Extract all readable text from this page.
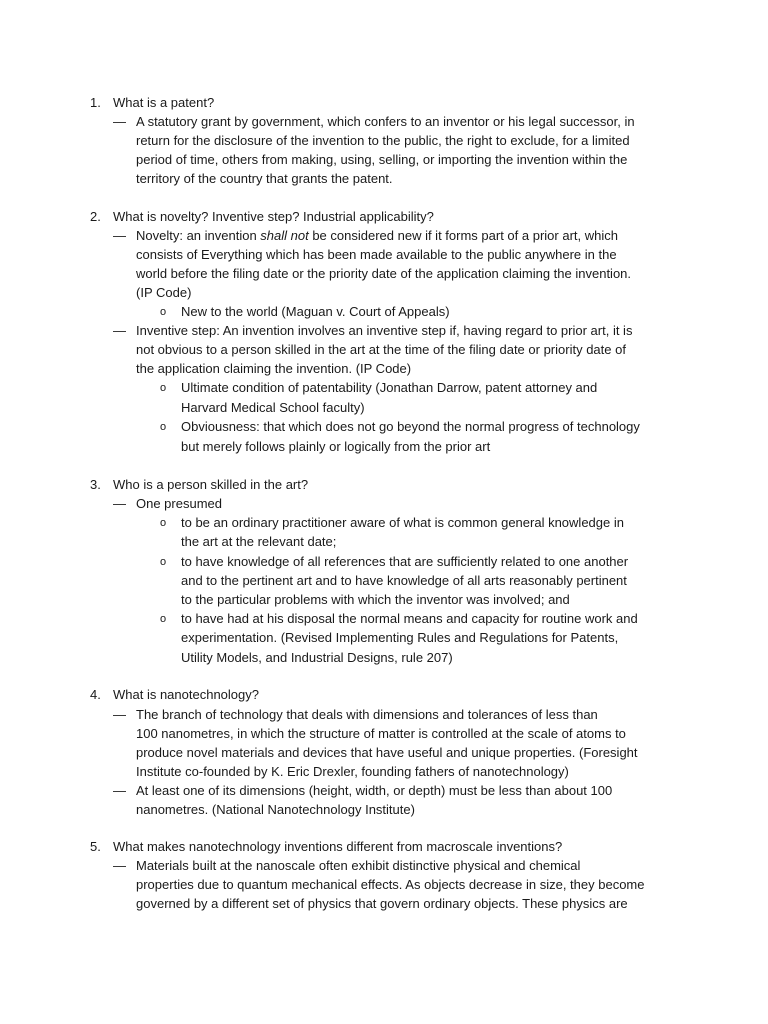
1. What is a patent?
— A statutory grant by government, which confers to an inventor or his legal successor, in
return for the disclosure of the invention to the public, the right to exclude, for a limited
period of time, others from making, using, selling, or importing the invention within the
territory of the country that grants the patent.
2. What is novelty? Inventive step? Industrial applicability?
— Novelty: an invention shall not be considered new if it forms part of a prior art, which
consists of Everything which has been made available to the public anywhere in the
world before the filing date or the priority date of the application claiming the invention.
(IP Code)
o New to the world (Maguan v. Court of Appeals)
— Inventive step: An invention involves an inventive step if, having regard to prior art, it is
not obvious to a person skilled in the art at the time of the filing date or priority date of
the application claiming the invention. (IP Code)
o Ultimate condition of patentability (Jonathan Darrow, patent attorney and
Harvard Medical School faculty)
o Obviousness: that which does not go beyond the normal progress of technology
but merely follows plainly or logically from the prior art
3. Who is a person skilled in the art?
— One presumed
o to be an ordinary practitioner aware of what is common general knowledge in
the art at the relevant date;
o to have knowledge of all references that are sufficiently related to one another
and to the pertinent art and to have knowledge of all arts reasonably pertinent
to the particular problems with which the inventor was involved; and
o to have had at his disposal the normal means and capacity for routine work and
experimentation. (Revised Implementing Rules and Regulations for Patents,
Utility Models, and Industrial Designs, rule 207)
4. What is nanotechnology?
— The branch of technology that deals with dimensions and tolerances of less than
100 nanometres, in which the structure of matter is controlled at the scale of atoms to
produce novel materials and devices that have useful and unique properties. (Foresight
Institute co-founded by K. Eric Drexler, founding fathers of nanotechnology)
— At least one of its dimensions (height, width, or depth) must be less than about 100
nanometres. (National Nanotechnology Institute)
5. What makes nanotechnology inventions different from macroscale inventions?
— Materials built at the nanoscale often exhibit distinctive physical and chemical
properties due to quantum mechanical effects. As objects decrease in size, they become
governed by a different set of physics that govern ordinary objects. These physics are
